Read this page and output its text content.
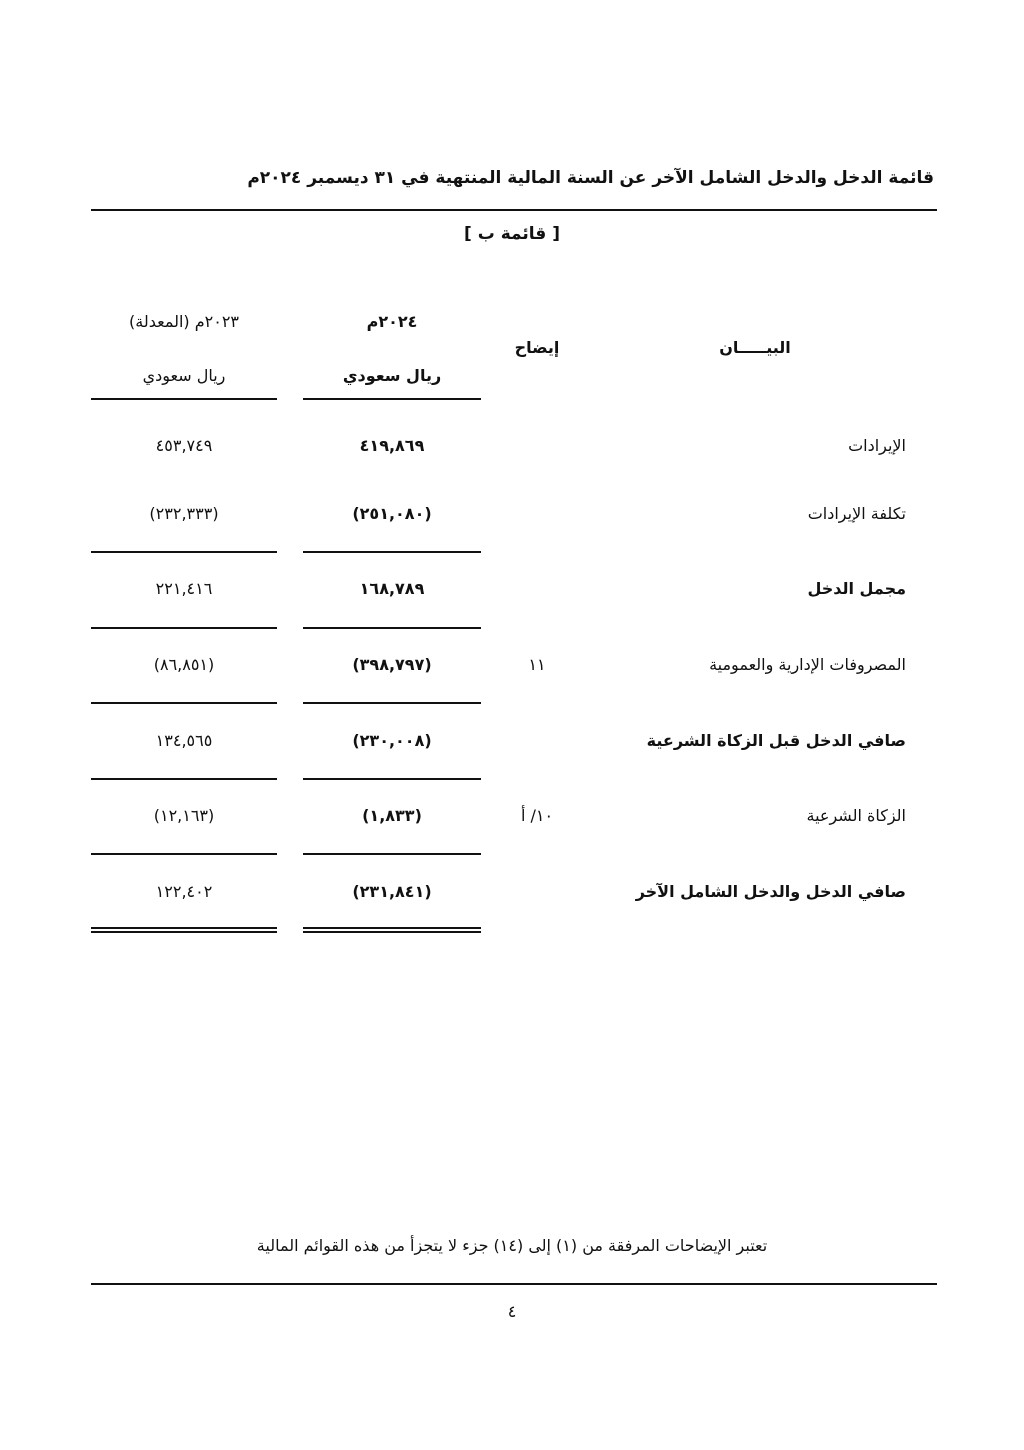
قائمة الدخل والدخل الشامل الآخر عن السنة المالية المنتهية في ٣١ ديسمبر ٢٠٢٤م
[ قائمة ب ]
٢٠٢٣م (المعدلة)
ريال سعودي
٢٠٢٤م
ريال سعودي
إيضاح	البيـــــان
الإيرادات
٤١٩,٨٦٩
٤٥٣,٧٤٩
تكلفة الإيرادات
(٢٥١,٠٨٠)
(٢٣٢,٣٣٣)
مجمل الدخل
١٦٨,٧٨٩
٢٢١,٤١٦
المصروفات الإدارية والعمومية
١١
(٣٩٨,٧٩٧)
(٨٦,٨٥١)
صافي الدخل قبل الزكاة الشرعية
(٢٣٠,٠٠٨)
١٣٤,٥٦٥
الزكاة الشرعية
١٠/ أ
(١,٨٣٣)
(١٢,١٦٣)
صافي الدخل والدخل الشامل الآخر
(٢٣١,٨٤١)
١٢٢,٤٠٢
تعتبر الإيضاحات المرفقة من (١) إلى (١٤) جزء لا يتجزأ من هذه القوائم المالية
٤
